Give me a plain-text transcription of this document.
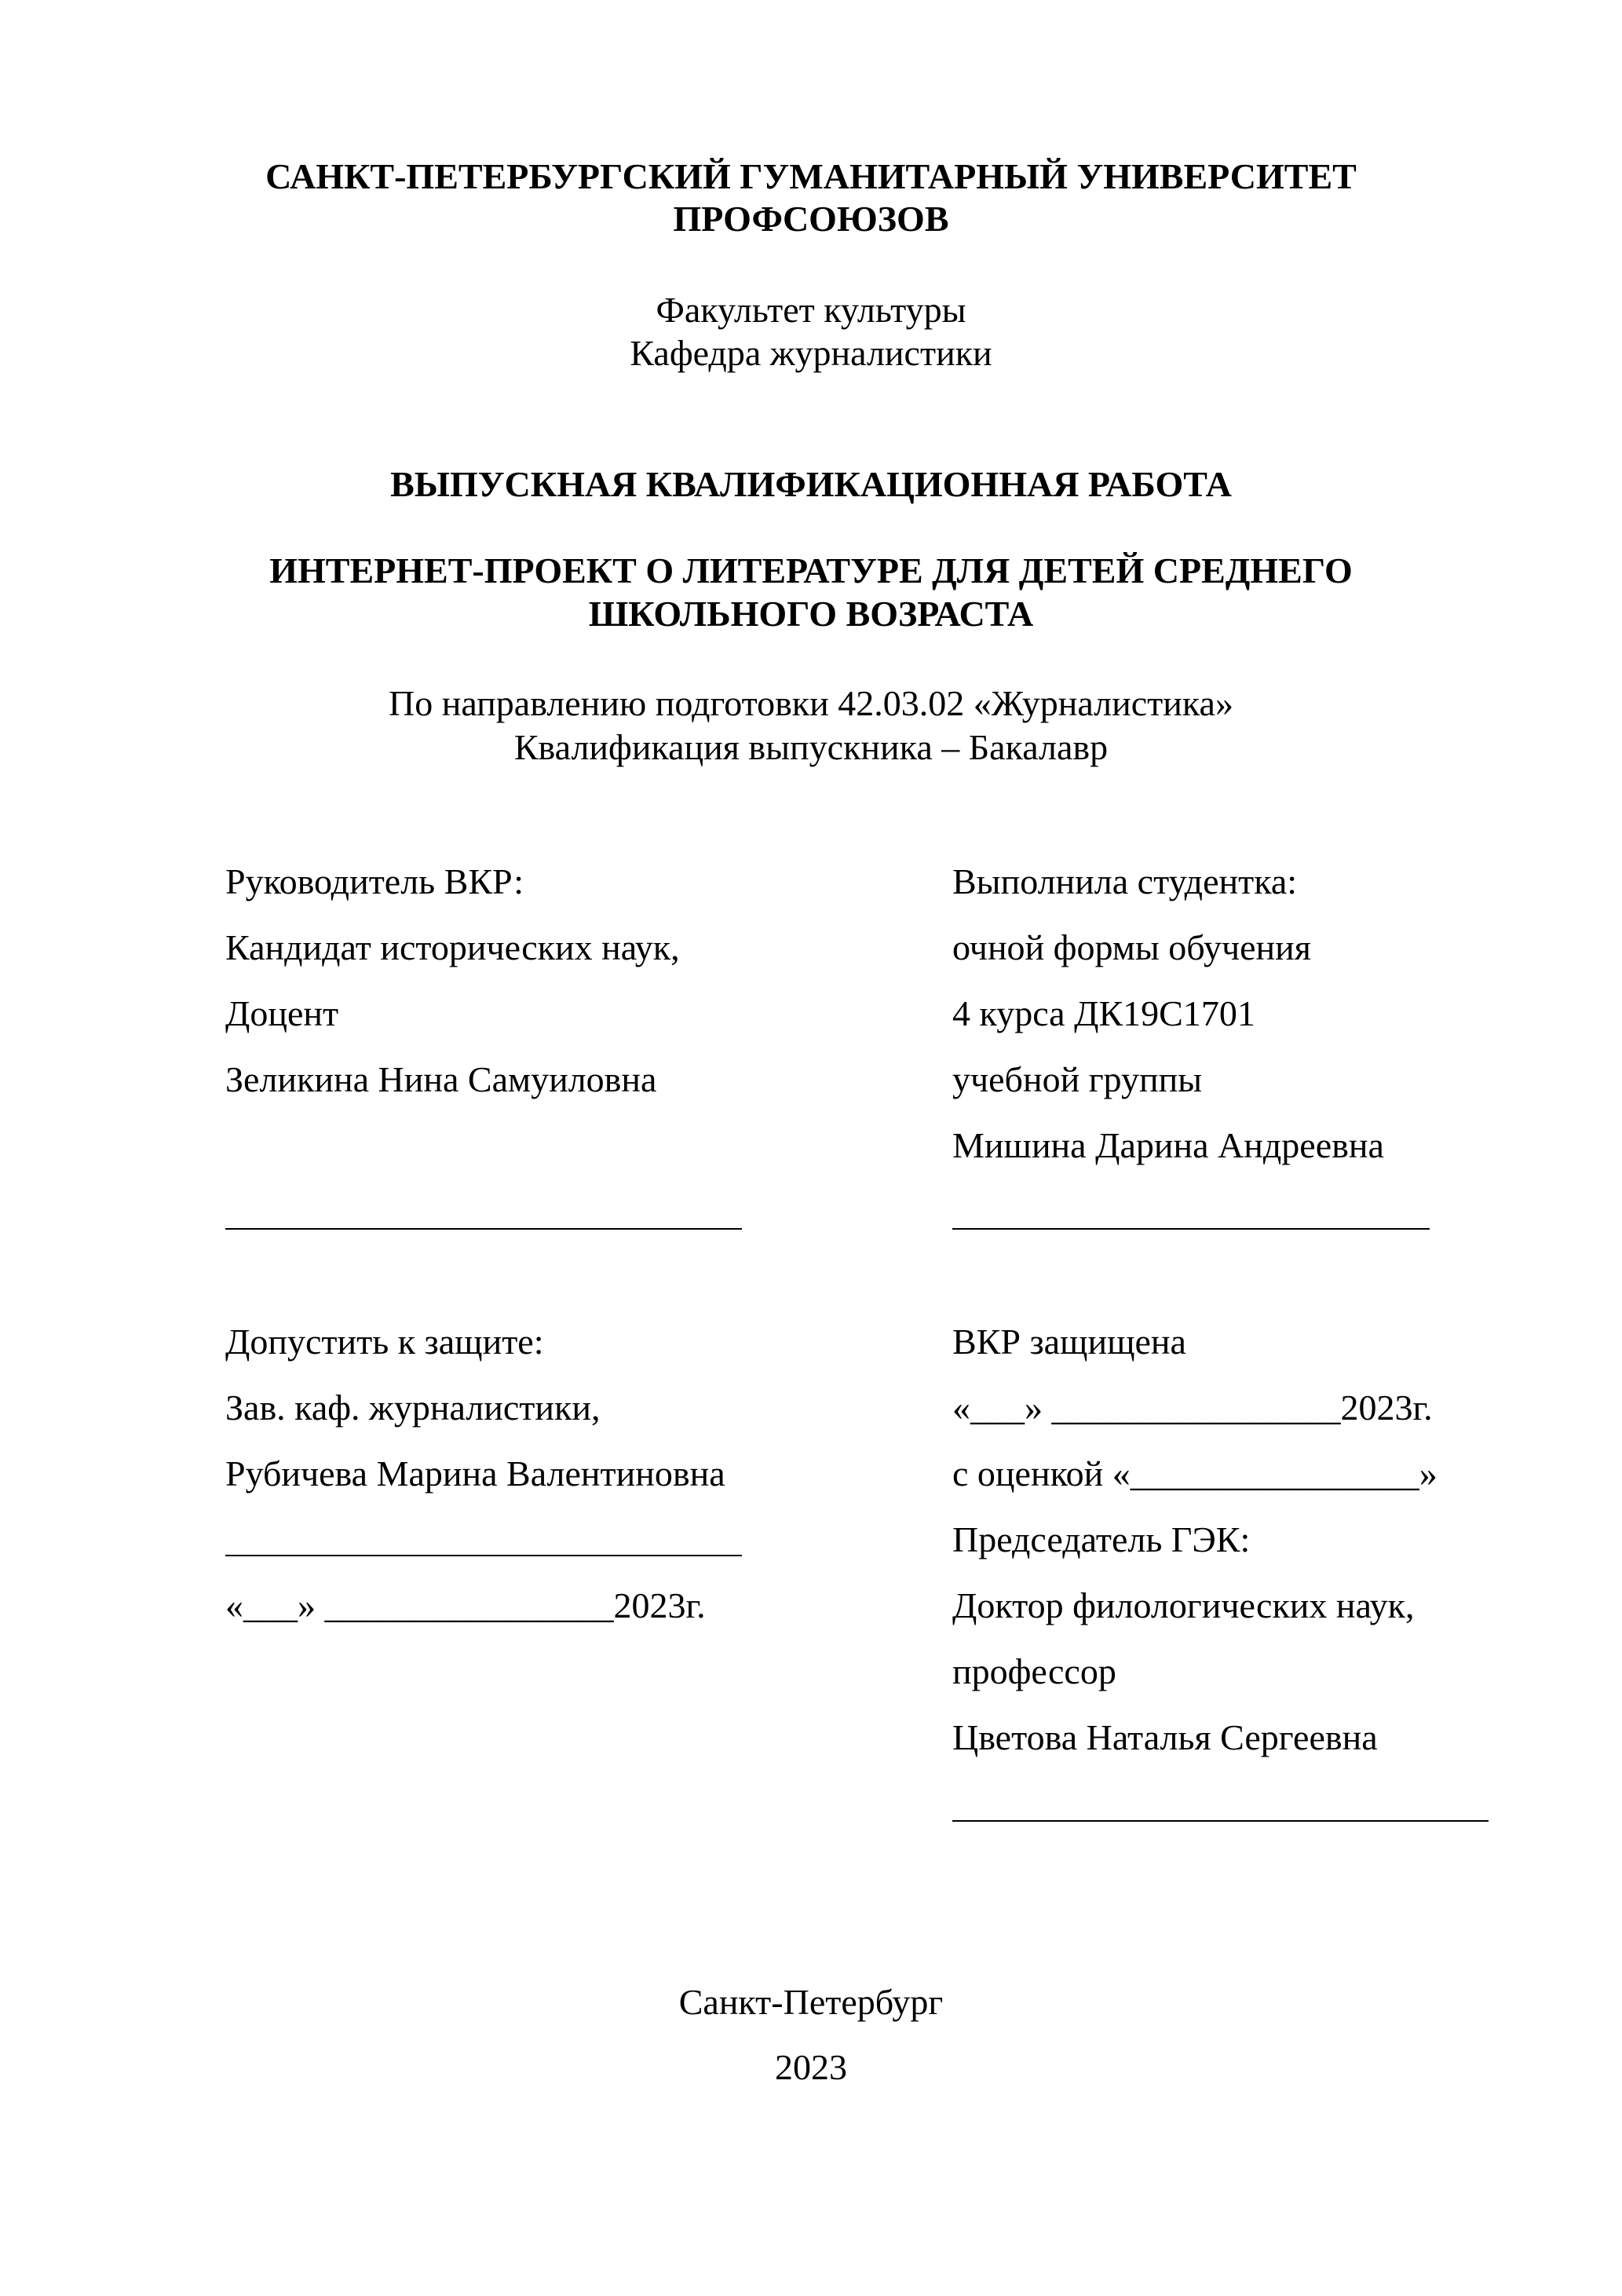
САНКТ-ПЕТЕРБУРГСКИЙ ГУМАНИТАРНЫЙ УНИВЕРСИТЕТ
ПРОФСОЮЗОВ
Факультет культуры
Кафедра журналистики
ВЫПУСКНАЯ КВАЛИФИКАЦИОННАЯ РАБОТА
ИНТЕРНЕТ-ПРОЕКТ О ЛИТЕРАТУРЕ ДЛЯ ДЕТЕЙ СРЕДНЕГО
ШКОЛЬНОГО ВОЗРАСТА
По направлению подготовки 42.03.02 «Журналистика»
Квалификация выпускника – Бакалавр
Руководитель ВКР:
Кандидат исторических наук,
Доцент
Зеликина Нина Самуиловна
Выполнила студентка:
очной формы обучения
4 курса ДК19С1701
учебной группы
Мишина Дарина Андреевна
Допустить к защите:
Зав. каф. журналистики,
Рубичева Марина Валентиновна
«___» ________________2023г.
ВКР защищена
«___» ________________2023г.
с оценкой «________________»
Председатель ГЭК:
Доктор филологических наук,
профессор
Цветова Наталья Сергеевна
Санкт-Петербург
2023
